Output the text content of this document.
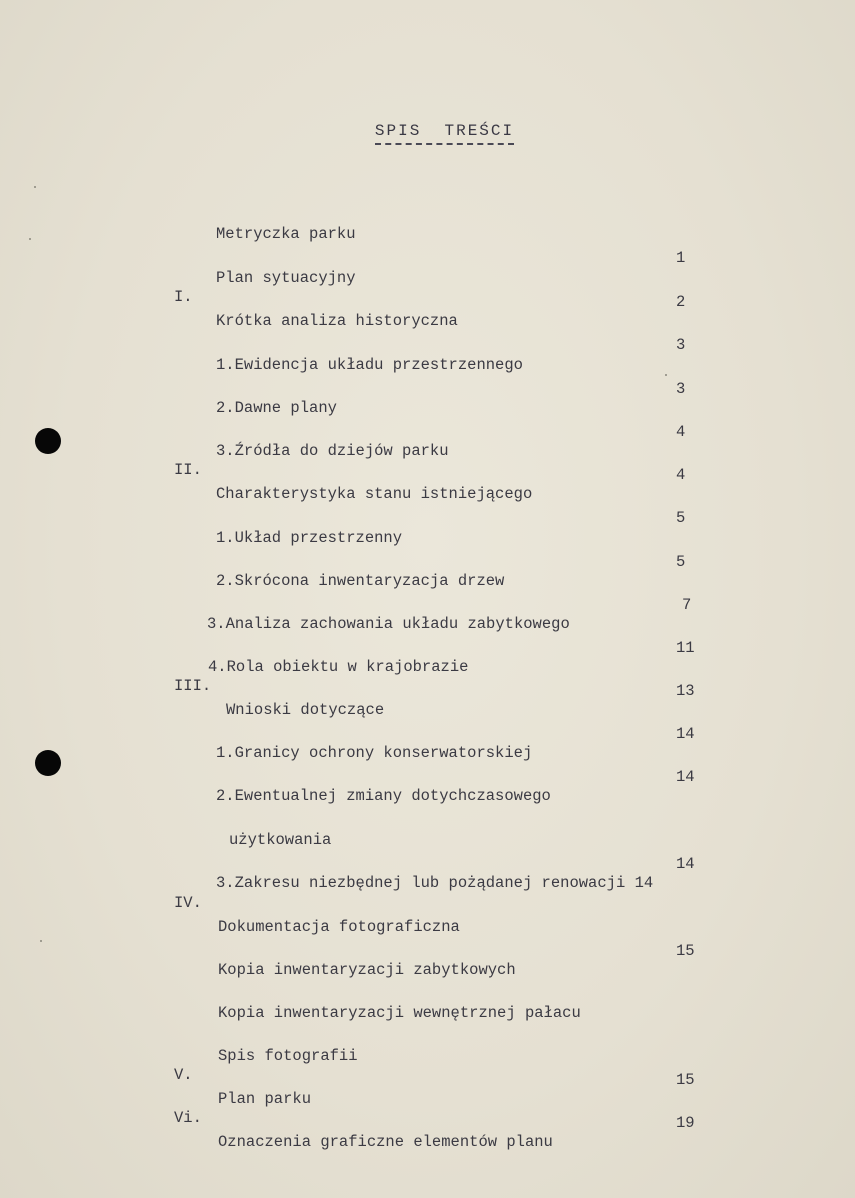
SPIS  TREŚCI

Metryczka parku

1

Plan sytuacyjny

2

I.

Krótka analiza historyczna

3

1.Ewidencja układu przestrzennego

3

2.Dawne plany

4

3.Źródła do dziejów parku

4

II.

Charakterystyka stanu istniejącego

5

1.Układ przestrzenny

5

2.Skrócona inwentaryzacja drzew

7

3.Analiza zachowania układu zabytkowego

11

4.Rola obiektu w krajobrazie

13

III.

Wnioski dotyczące

14

1.Granicy ochrony konserwatorskiej

14

2.Ewentualnej zmiany dotychczasowego

użytkowania

14

3.Zakresu niezbędnej lub pożądanej renowacji 14

IV.

Dokumentacja fotograficzna

15

Kopia inwentaryzacji zabytkowych

Kopia inwentaryzacji wewnętrznej pałacu

Spis fotografii

15

V.

Plan parku

19

Vi.

Oznaczenia graficzne elementów planu
